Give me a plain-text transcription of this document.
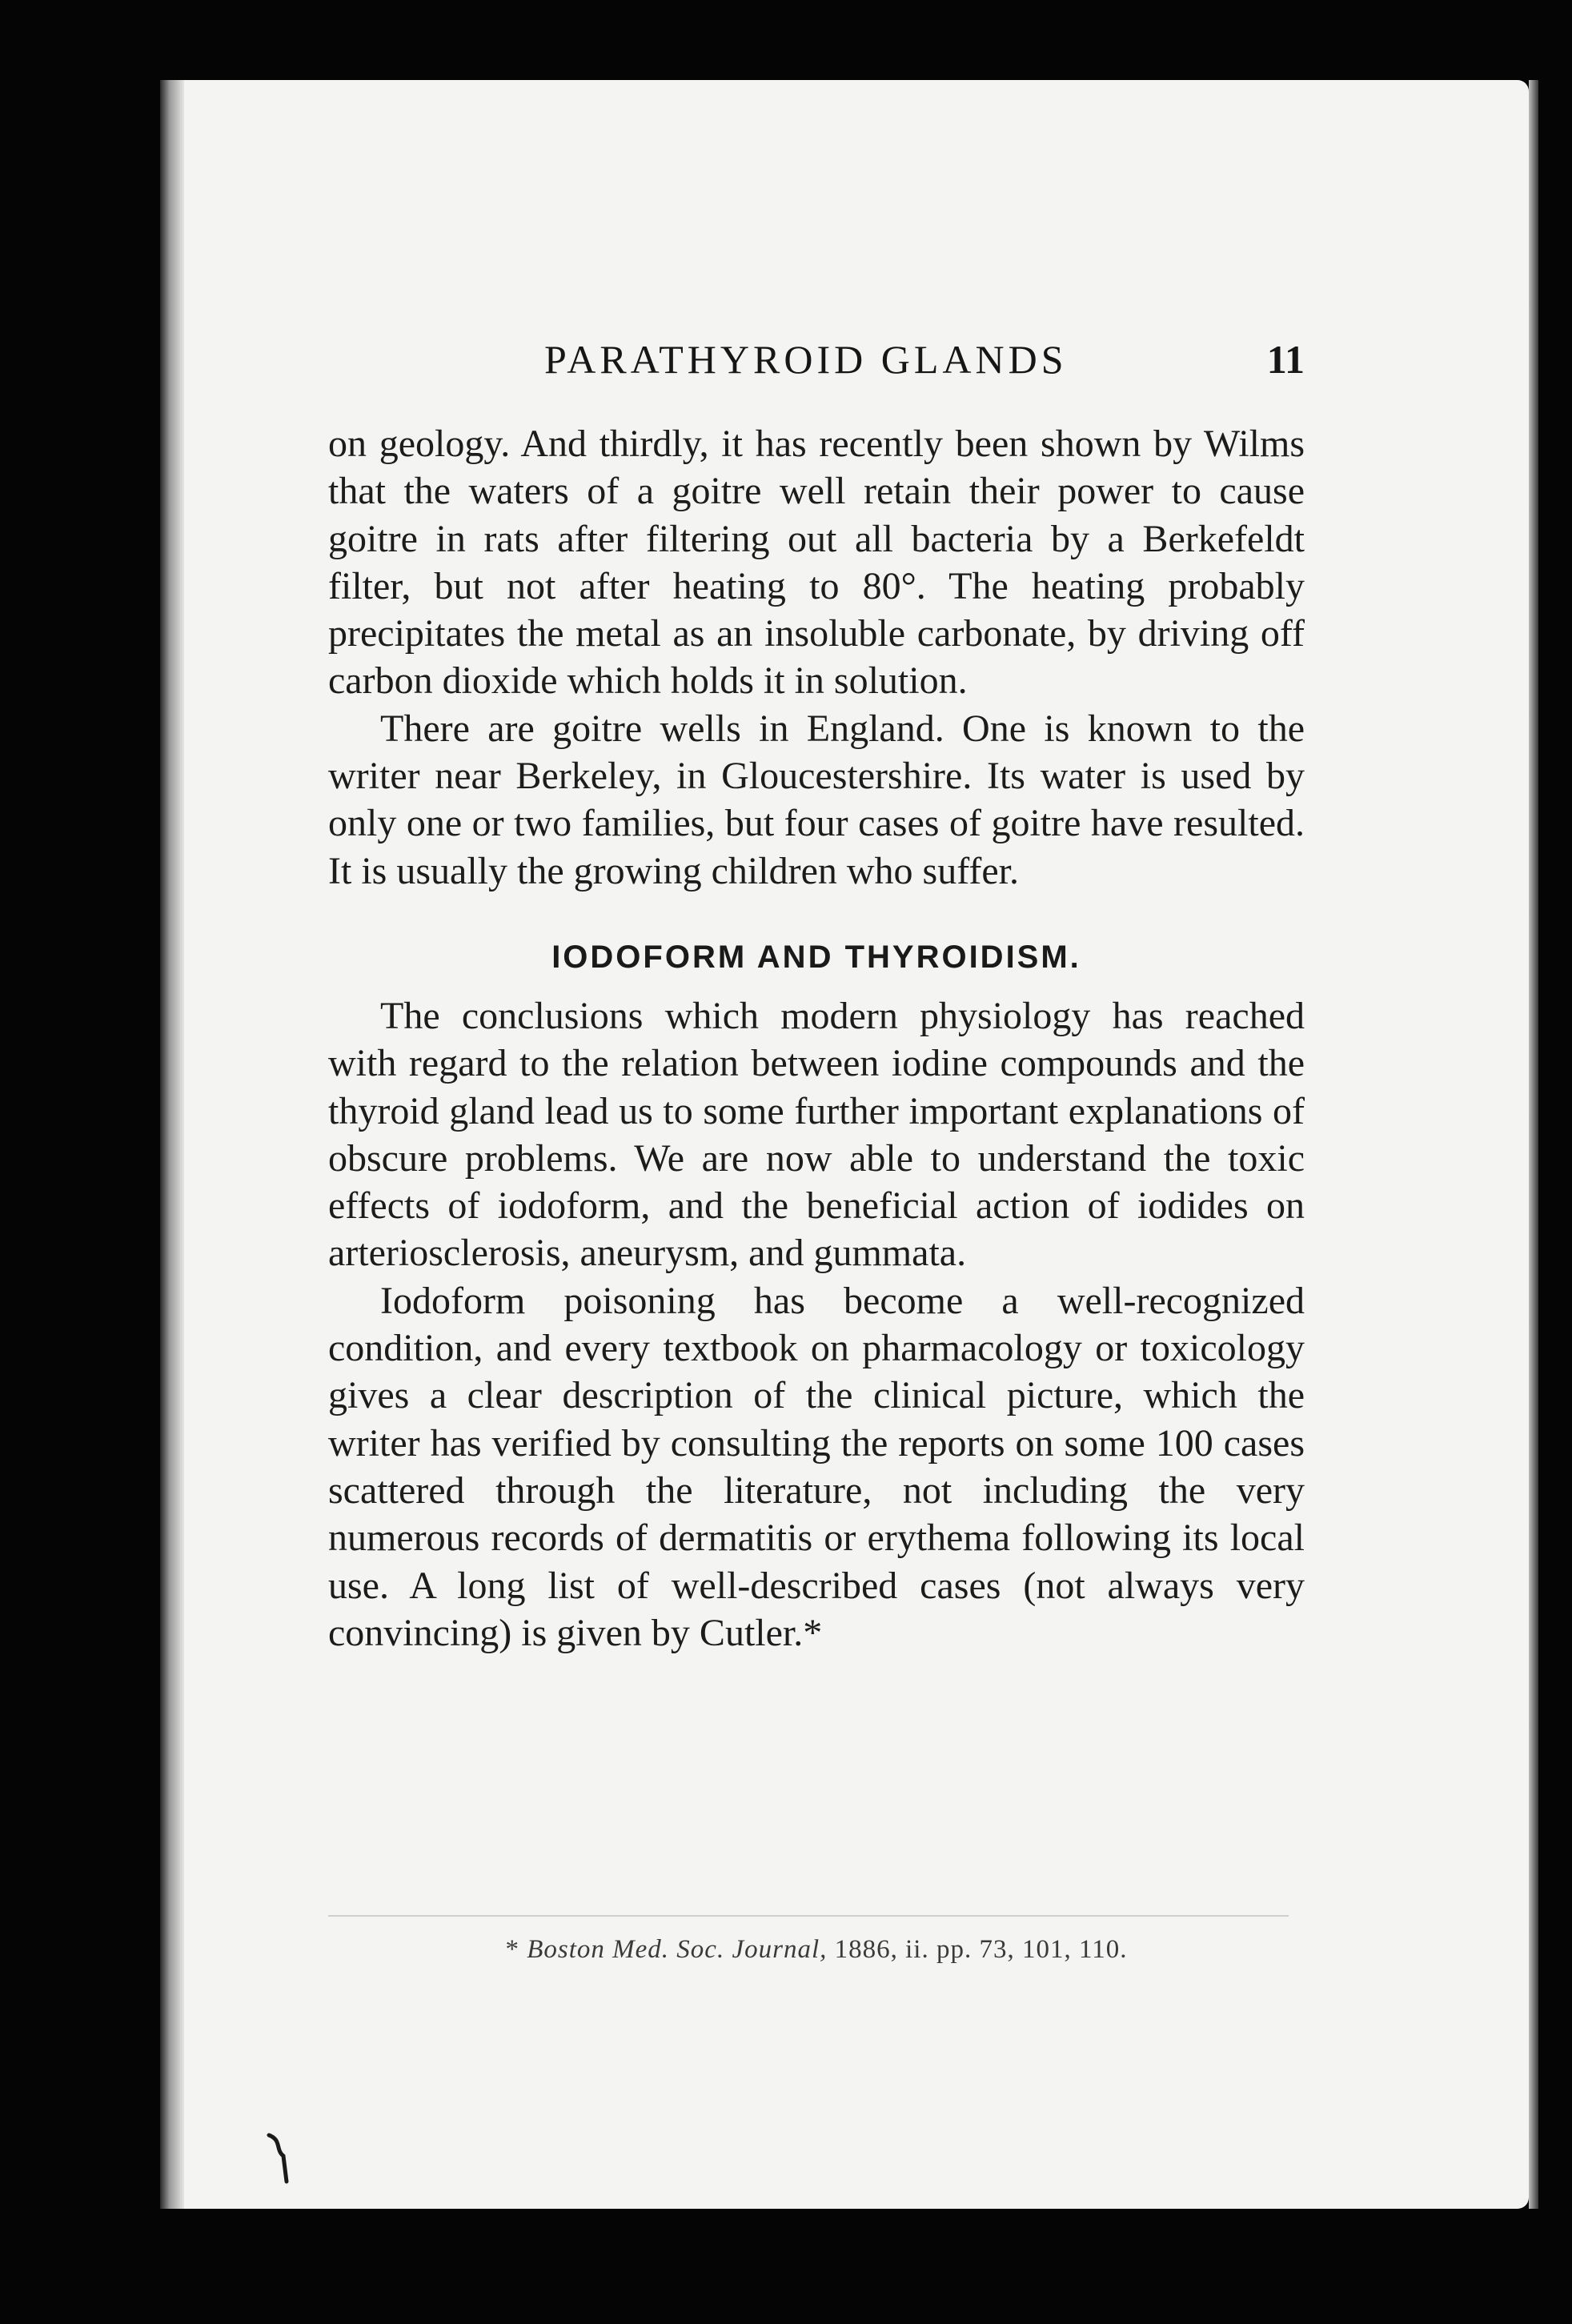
PARATHYROID GLANDS	11

on geology. And thirdly, it has recently been shown by Wilms that the waters of a goitre well retain their power to cause goitre in rats after filtering out all bacteria by a Berkefeldt filter, but not after heating to 80°. The heating probably precipitates the metal as an insoluble carbonate, by driving off carbon dioxide which holds it in solution.

There are goitre wells in England. One is known to the writer near Berkeley, in Gloucestershire. Its water is used by only one or two families, but four cases of goitre have resulted. It is usually the growing children who suffer.

IODOFORM AND THYROIDISM.

The conclusions which modern physiology has reached with regard to the relation between iodine compounds and the thyroid gland lead us to some further important explanations of obscure problems. We are now able to understand the toxic effects of iodoform, and the beneficial action of iodides on arteriosclerosis, aneurysm, and gummata.

Iodoform poisoning has become a well-recognized condition, and every textbook on pharmacology or toxicology gives a clear description of the clinical picture, which the writer has verified by consulting the reports on some 100 cases scattered through the literature, not including the very numerous records of dermatitis or erythema following its local use. A long list of well-described cases (not always very convincing) is given by Cutler.*

* Boston Med. Soc. Journal, 1886, ii. pp. 73, 101, 110.
